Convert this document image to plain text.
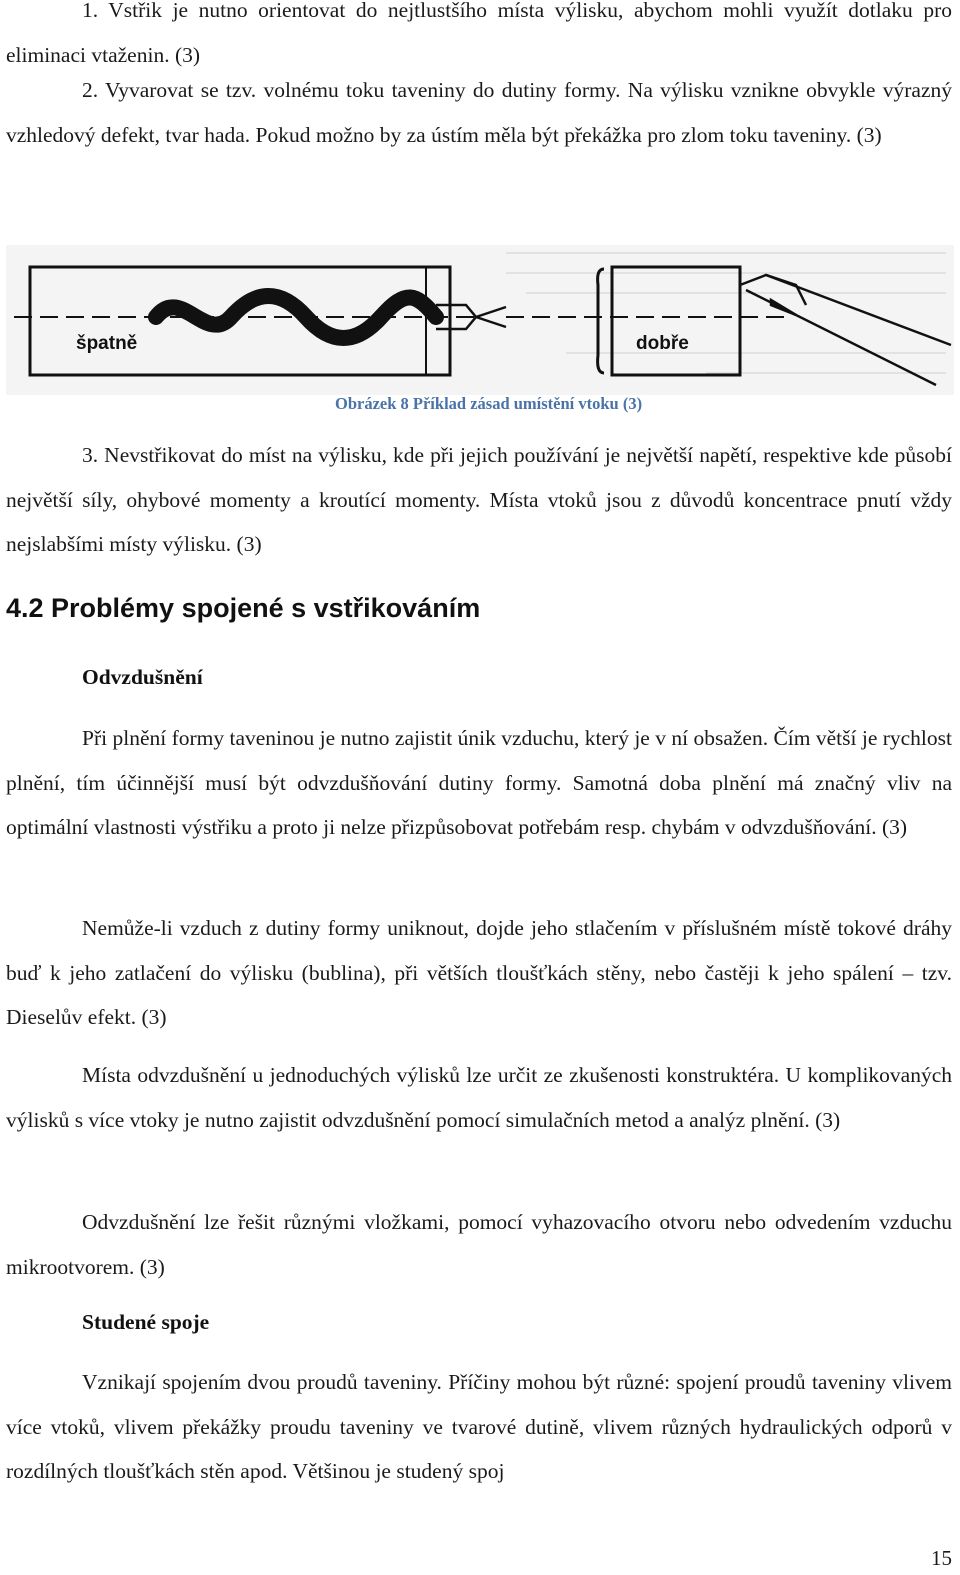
1. Vstřik je nutno orientovat do nejtlustšího místa výlisku, abychom mohli využít dotlaku pro eliminaci vtaženin. (3)

2. Vyvarovat se tzv. volnému toku taveniny do dutiny formy. Na výlisku vznikne obvykle výrazný vzhledový defekt, tvar hada. Pokud možno by za ústím měla být překážka pro zlom toku taveniny. (3)

špatně	dobře

Obrázek 8 Příklad zásad umístění vtoku (3)

3. Nevstřikovat do míst na výlisku, kde při jejich používání je největší napětí, respektive kde působí největší síly, ohybové momenty a kroutící momenty. Místa vtoků jsou z důvodů koncentrace pnutí vždy nejslabšími místy výlisku. (3)

4.2 Problémy spojené s vstřikováním
Odvzdušnění

Při plnění formy taveninou je nutno zajistit únik vzduchu, který je v ní obsažen. Čím větší je rychlost plnění, tím účinnější musí být odvzdušňování dutiny formy. Samotná doba plnění má značný vliv na optimální vlastnosti výstřiku a proto ji nelze přizpůsobovat potřebám resp. chybám v odvzdušňování. (3)

Nemůže-li vzduch z dutiny formy uniknout, dojde jeho stlačením v příslušném místě tokové dráhy buď k jeho zatlačení do výlisku (bublina), při větších tloušťkách stěny, nebo častěji k jeho spálení – tzv. Dieselův efekt. (3)

Místa odvzdušnění u jednoduchých výlisků lze určit ze zkušenosti konstruktéra. U komplikovaných výlisků s více vtoky je nutno zajistit odvzdušnění pomocí simulačních metod a analýz plnění. (3)

Odvzdušnění lze řešit různými vložkami, pomocí vyhazovacího otvoru nebo odvedením vzduchu mikrootvorem. (3)

Studené spoje

Vznikají spojením dvou proudů taveniny. Příčiny mohou být různé: spojení proudů taveniny vlivem více vtoků, vlivem překážky proudu taveniny ve tvarové dutině, vlivem různých hydraulických odporů v rozdílných tloušťkách stěn apod. Většinou je studený spoj

15
